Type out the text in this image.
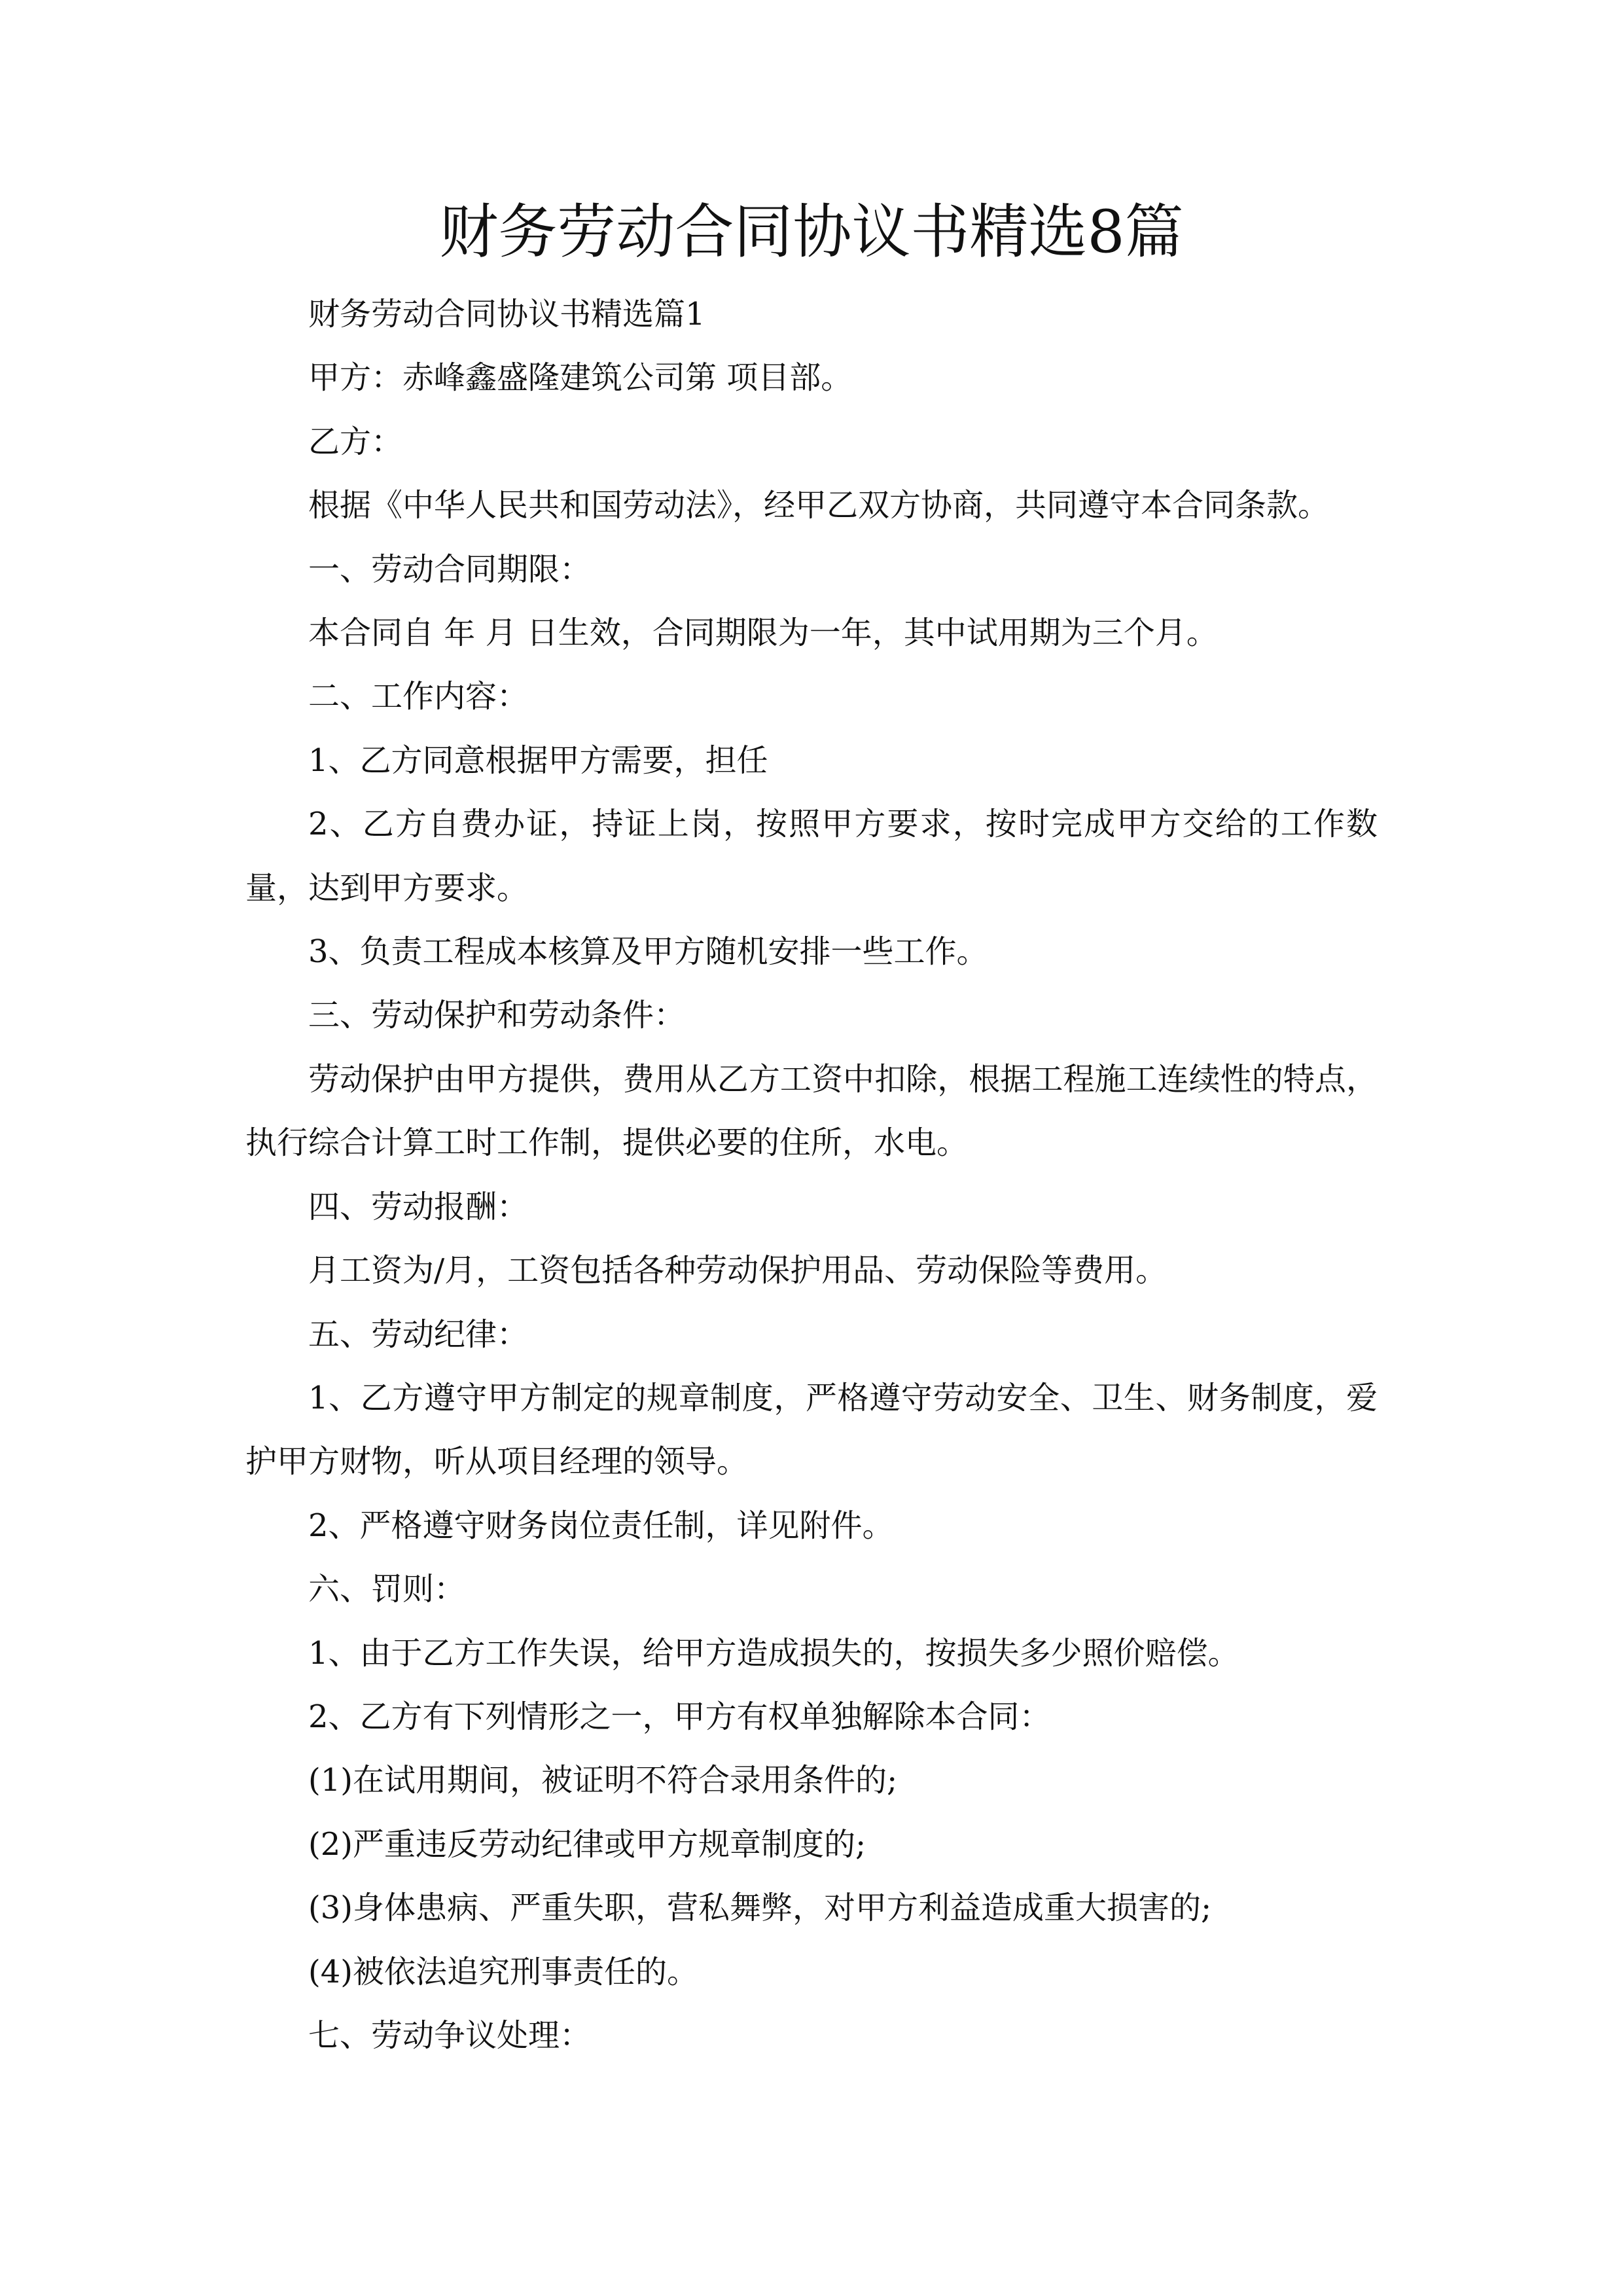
财务劳动合同协议书精选8篇

财务劳动合同协议书精选篇1

甲方：赤峰鑫盛隆建筑公司第 项目部。

乙方：

根据《中华人民共和国劳动法》，经甲乙双方协商，共同遵守本合同条款。

一、劳动合同期限：

本合同自 年 月 日生效，合同期限为一年，其中试用期为三个月。

二、工作内容：

1、乙方同意根据甲方需要，担任

2、乙方自费办证，持证上岗，按照甲方要求，按时完成甲方交给的工作数量，达到甲方要求。

3、负责工程成本核算及甲方随机安排一些工作。

三、劳动保护和劳动条件：

劳动保护由甲方提供，费用从乙方工资中扣除，根据工程施工连续性的特点，执行综合计算工时工作制，提供必要的住所，水电。

四、劳动报酬：

月工资为/月，工资包括各种劳动保护用品、劳动保险等费用。

五、劳动纪律：

1、乙方遵守甲方制定的规章制度，严格遵守劳动安全、卫生、财务制度，爱护甲方财物，听从项目经理的领导。

2、严格遵守财务岗位责任制，详见附件。

六、罚则：

1、由于乙方工作失误，给甲方造成损失的，按损失多少照价赔偿。

2、乙方有下列情形之一，甲方有权单独解除本合同：

(1)在试用期间，被证明不符合录用条件的;

(2)严重违反劳动纪律或甲方规章制度的;

(3)身体患病、严重失职，营私舞弊，对甲方利益造成重大损害的;

(4)被依法追究刑事责任的。

七、劳动争议处理：
